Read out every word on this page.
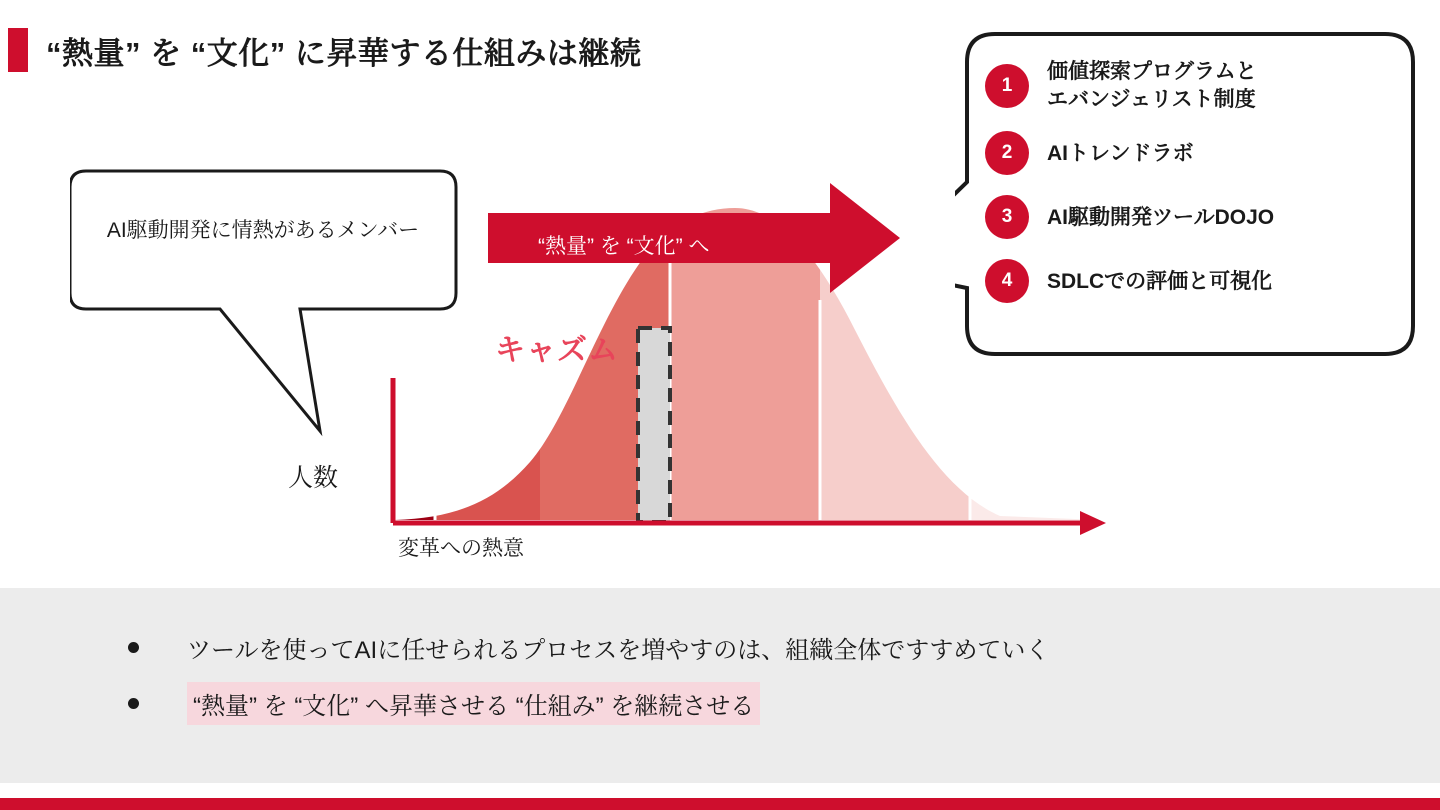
“熱量” を “文化” に昇華する仕組みは継続
“熱量” を “文化” へ
キャズム
人数
変革への熱意
AI駆動開発に情熱があるメンバー
1
価値探索プログラムと
エバンジェリスト制度
2	AIトレンドラボ
3	AI駆動開発ツールDOJO
4	SDLCでの評価と可視化
ツールを使ってAIに任せられるプロセスを増やすのは、組織全体ですすめていく
“熱量” を “文化” へ昇華させる “仕組み” を継続させる
